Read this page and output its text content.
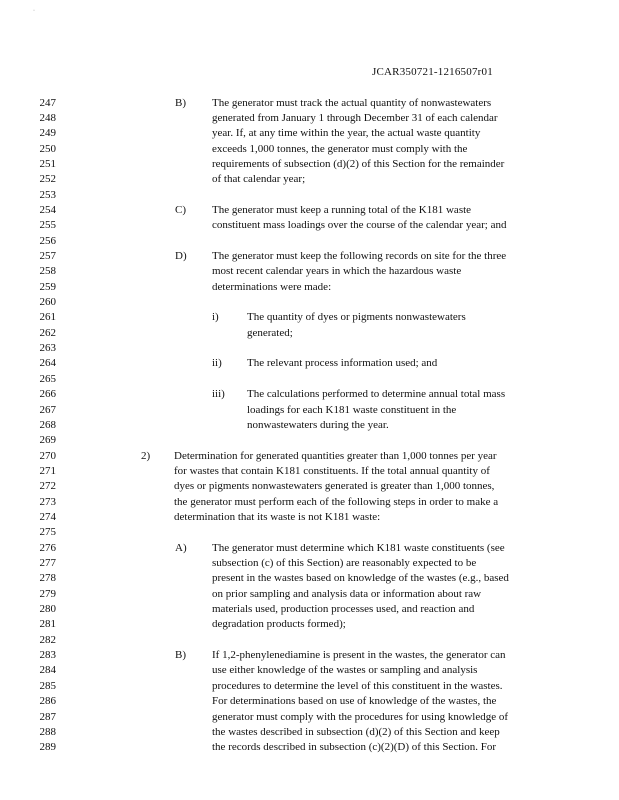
·
JCAR350721-1216507r01
247	B) The generator must track the actual quantity of nonwastewaters
248	generated from January 1 through December 31 of each calendar
249	year. If, at any time within the year, the actual waste quantity
250	exceeds 1,000 tonnes, the generator must comply with the
251	requirements of subsection (d)(2) of this Section for the remainder
252	of that calendar year;
253
254	C) The generator must keep a running total of the K181 waste
255	constituent mass loadings over the course of the calendar year; and
256
257	D) The generator must keep the following records on site for the three
258	most recent calendar years in which the hazardous waste
259	determinations were made:
260
261	i)	The quantity of dyes or pigments nonwastewaters
262	generated;
263
264	ii) The relevant process information used; and
265
266	iii) The calculations performed to determine annual total mass
267	loadings for each K181 waste constituent in the
268	nonwastewaters during the year.
269
270	2) Determination for generated quantities greater than 1,000 tonnes per year
271	for wastes that contain K181 constituents. If the total annual quantity of
272	dyes or pigments nonwastewaters generated is greater than 1,000 tonnes,
273	the generator must perform each of the following steps in order to make a
274	determination that its waste is not K181 waste:
275
276	A) The generator must determine which K181 waste constituents (see
277	subsection (c) of this Section) are reasonably expected to be
278	present in the wastes based on knowledge of the wastes (e.g., based
279	on prior sampling and analysis data or information about raw
280	materials used, production processes used, and reaction and
281	degradation products formed);
282
283	B) If 1,2-phenylenediamine is present in the wastes, the generator can
284	use either knowledge of the wastes or sampling and analysis
285	procedures to determine the level of this constituent in the wastes.
286	For determinations based on use of knowledge of the wastes, the
287	generator must comply with the procedures for using knowledge of
288	the wastes described in subsection (d)(2) of this Section and keep
289	the records described in subsection (c)(2)(D) of this Section. For
